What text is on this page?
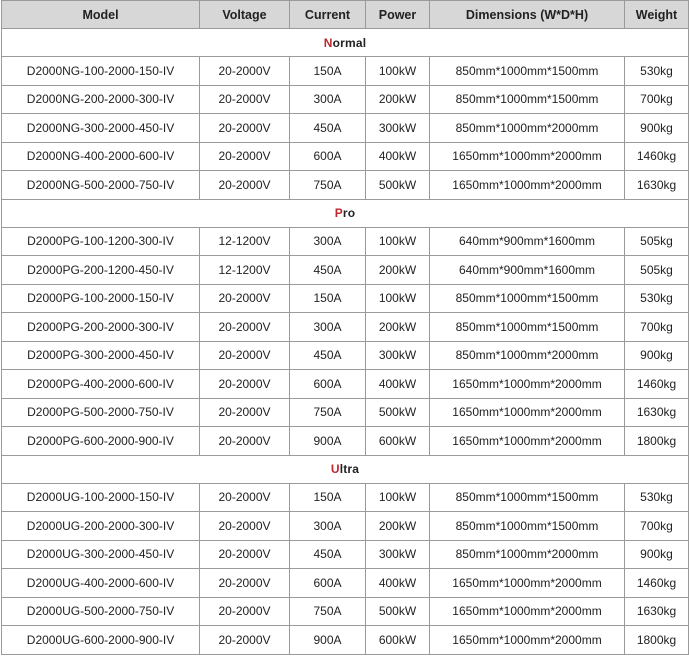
Model	Voltage	Current	Power	Dimensions (W*D*H)	Weight
Normal					
D2000NG-100-2000-150-IV	20-2000V	150A	100kW	850mm*1000mm*1500mm	530kg
D2000NG-200-2000-300-IV	20-2000V	300A	200kW	850mm*1000mm*1500mm	700kg
D2000NG-300-2000-450-IV	20-2000V	450A	300kW	850mm*1000mm*2000mm	900kg
D2000NG-400-2000-600-IV	20-2000V	600A	400kW	1650mm*1000mm*2000mm	1460kg
D2000NG-500-2000-750-IV	20-2000V	750A	500kW	1650mm*1000mm*2000mm	1630kg
Pro					
D2000PG-100-1200-300-IV	12-1200V	300A	100kW	640mm*900mm*1600mm	505kg
D2000PG-200-1200-450-IV	12-1200V	450A	200kW	640mm*900mm*1600mm	505kg
D2000PG-100-2000-150-IV	20-2000V	150A	100kW	850mm*1000mm*1500mm	530kg
D2000PG-200-2000-300-IV	20-2000V	300A	200kW	850mm*1000mm*1500mm	700kg
D2000PG-300-2000-450-IV	20-2000V	450A	300kW	850mm*1000mm*2000mm	900kg
D2000PG-400-2000-600-IV	20-2000V	600A	400kW	1650mm*1000mm*2000mm	1460kg
D2000PG-500-2000-750-IV	20-2000V	750A	500kW	1650mm*1000mm*2000mm	1630kg
D2000PG-600-2000-900-IV	20-2000V	900A	600kW	1650mm*1000mm*2000mm	1800kg
Ultra					
D2000UG-100-2000-150-IV	20-2000V	150A	100kW	850mm*1000mm*1500mm	530kg
D2000UG-200-2000-300-IV	20-2000V	300A	200kW	850mm*1000mm*1500mm	700kg
D2000UG-300-2000-450-IV	20-2000V	450A	300kW	850mm*1000mm*2000mm	900kg
D2000UG-400-2000-600-IV	20-2000V	600A	400kW	1650mm*1000mm*2000mm	1460kg
D2000UG-500-2000-750-IV	20-2000V	750A	500kW	1650mm*1000mm*2000mm	1630kg
D2000UG-600-2000-900-IV	20-2000V	900A	600kW	1650mm*1000mm*2000mm	1800kg
